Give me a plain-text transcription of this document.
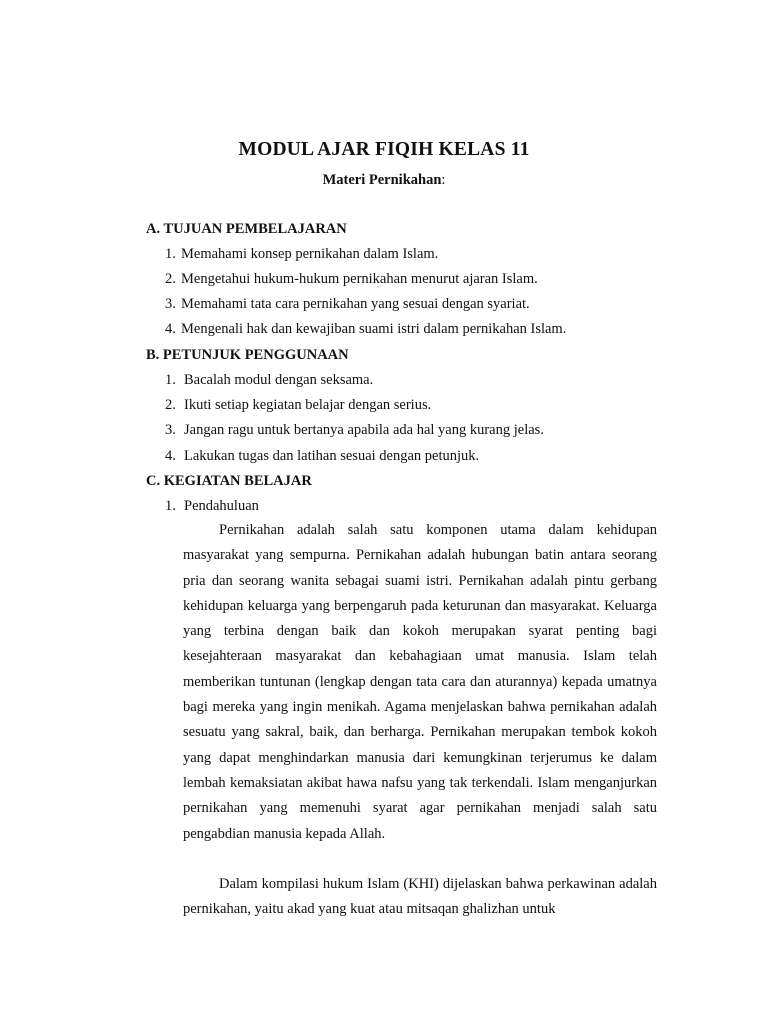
MODUL AJAR FIQIH KELAS 11
Materi Pernikahan:
A. TUJUAN PEMBELAJARAN
1. Memahami konsep pernikahan dalam Islam.
2. Mengetahui hukum-hukum pernikahan menurut ajaran Islam.
3. Memahami tata cara pernikahan yang sesuai dengan syariat.
4. Mengenali hak dan kewajiban suami istri dalam pernikahan Islam.
B. PETUNJUK PENGGUNAAN
1. Bacalah modul dengan seksama.
2. Ikuti setiap kegiatan belajar dengan serius.
3. Jangan ragu untuk bertanya apabila ada hal yang kurang jelas.
4. Lakukan tugas dan latihan sesuai dengan petunjuk.
C. KEGIATAN BELAJAR
1. Pendahuluan
Pernikahan adalah salah satu komponen utama dalam kehidupan masyarakat yang sempurna. Pernikahan adalah hubungan batin antara seorang pria dan seorang wanita sebagai suami istri. Pernikahan adalah pintu gerbang kehidupan keluarga yang berpengaruh pada keturunan dan masyarakat. Keluarga yang terbina dengan baik dan kokoh merupakan syarat penting bagi kesejahteraan masyarakat dan kebahagiaan umat manusia. Islam telah memberikan tuntunan (lengkap dengan tata cara dan aturannya) kepada umatnya bagi mereka yang ingin menikah. Agama menjelaskan bahwa pernikahan adalah sesuatu yang sakral, baik, dan berharga. Pernikahan merupakan tembok kokoh yang dapat menghindarkan manusia dari kemungkinan terjerumus ke dalam lembah kemaksiatan akibat hawa nafsu yang tak terkendali. Islam menganjurkan pernikahan yang memenuhi syarat agar pernikahan menjadi salah satu pengabdian manusia kepada Allah.
Dalam kompilasi hukum Islam (KHI) dijelaskan bahwa perkawinan adalah pernikahan, yaitu akad yang kuat atau mitsaqan ghalizhan untuk
